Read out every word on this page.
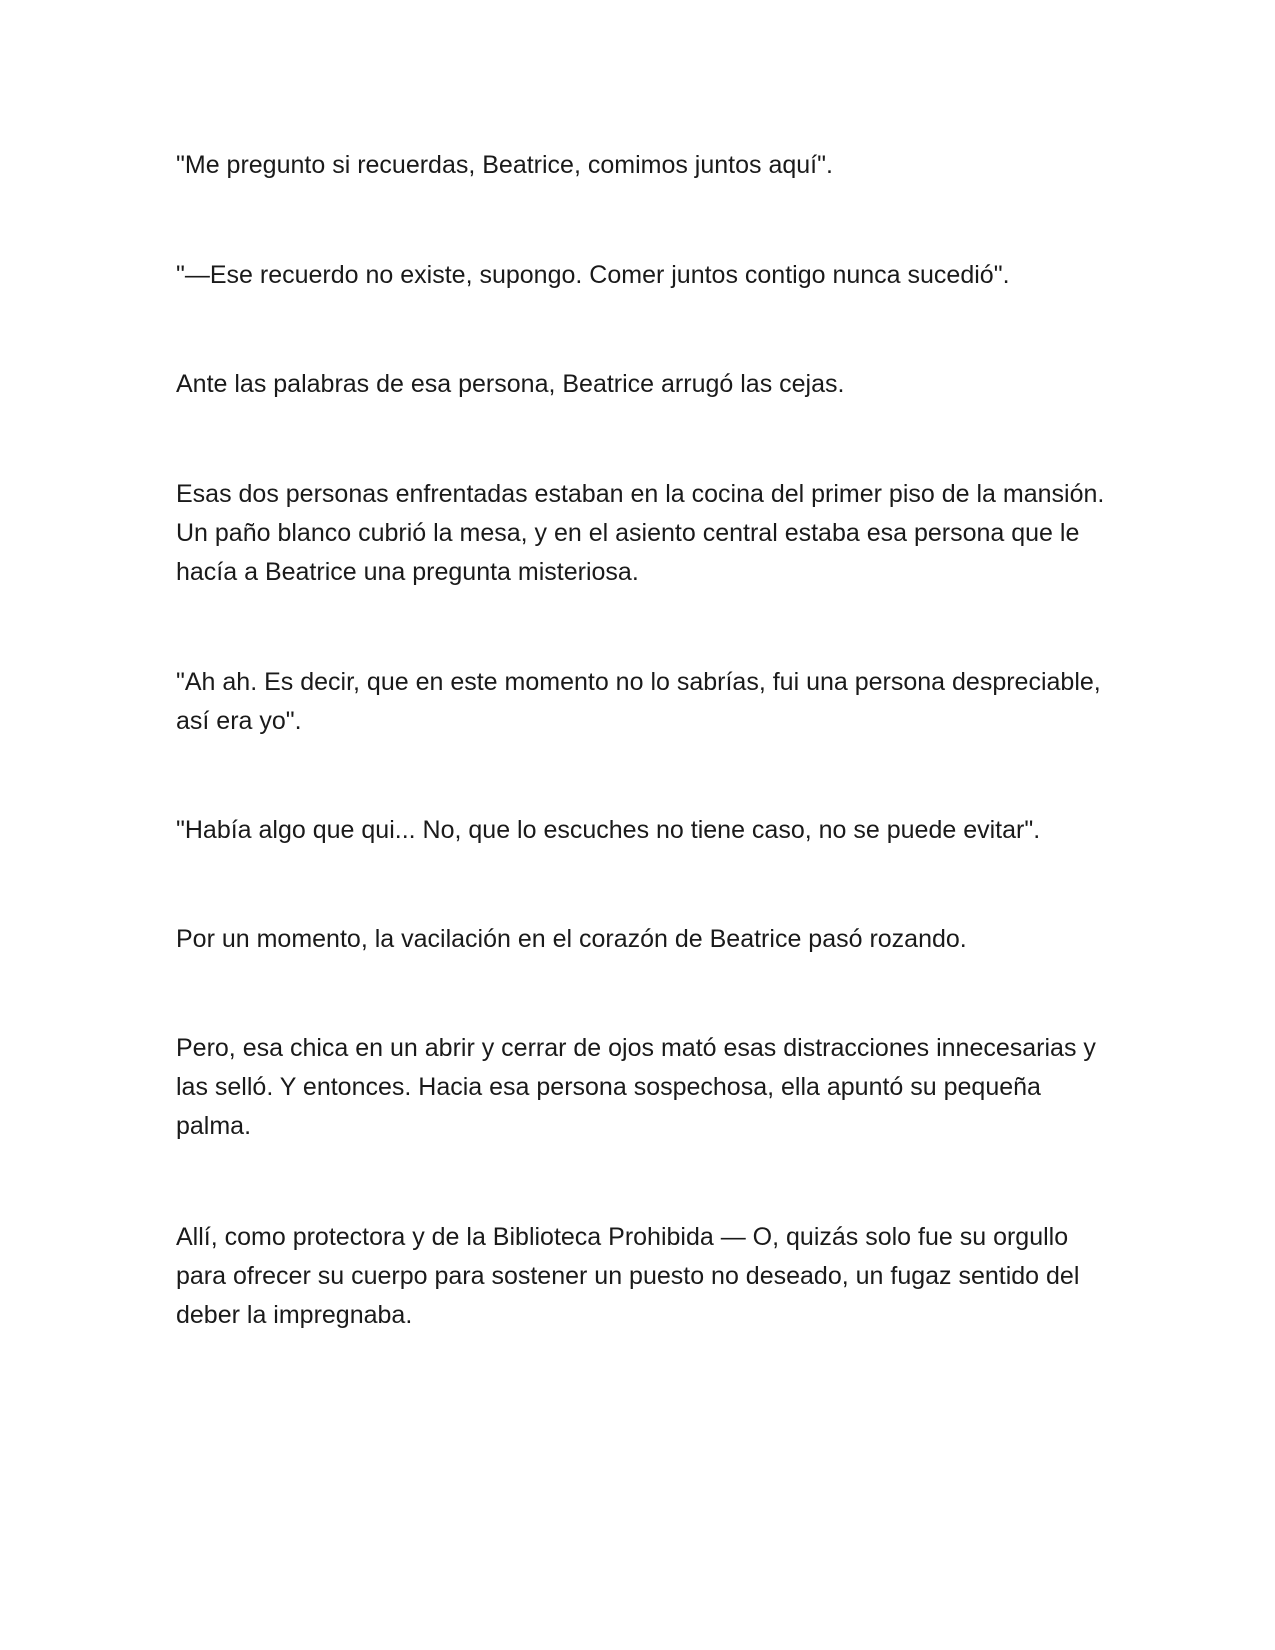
"Me pregunto si recuerdas, Beatrice, comimos juntos aquí".

"—Ese recuerdo no existe, supongo. Comer juntos contigo nunca sucedió".

Ante las palabras de esa persona, Beatrice arrugó las cejas.

Esas dos personas enfrentadas estaban en la cocina del primer piso de la mansión. Un paño blanco cubrió la mesa, y en el asiento central estaba esa persona que le hacía a Beatrice una pregunta misteriosa.

"Ah ah. Es decir, que en este momento no lo sabrías, fui una persona despreciable, así era yo".

"Había algo que qui... No, que lo escuches no tiene caso, no se puede evitar".

Por un momento, la vacilación en el corazón de Beatrice pasó rozando.

Pero, esa chica en un abrir y cerrar de ojos mató esas distracciones innecesarias y las selló. Y entonces. Hacia esa persona sospechosa, ella apuntó su pequeña palma.

Allí, como protectora y de la Biblioteca Prohibida — O, quizás solo fue su orgullo para ofrecer su cuerpo para sostener un puesto no deseado, un fugaz sentido del deber la impregnaba.
